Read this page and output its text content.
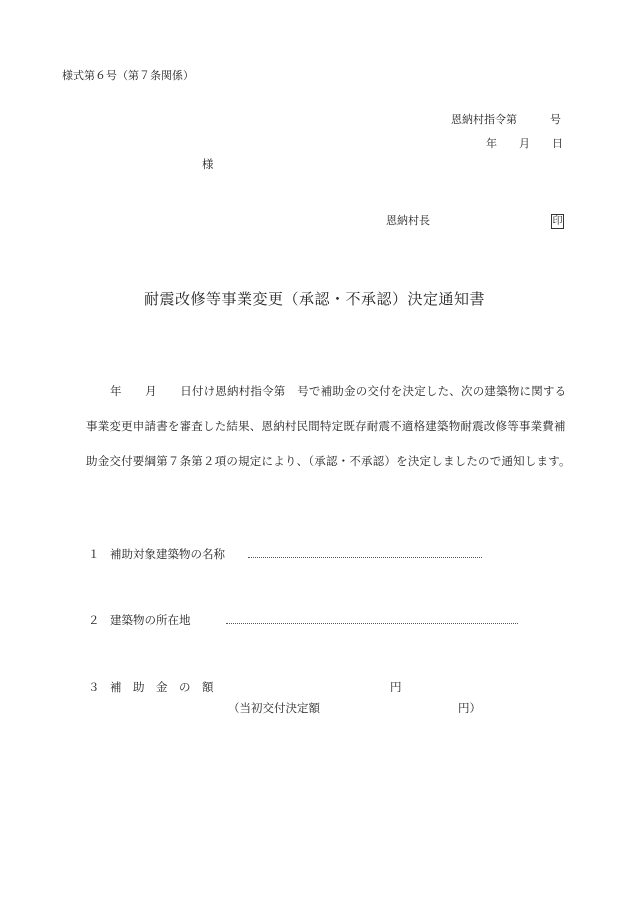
様式第６号（第７条関係）
恩納村指令第　　　号
年　　月　　日
様
恩納村長	印
耐震改修等事業変更（承認・不承認）決定通知書
年　　月　　日付け恩納村指令第　号で補助金の交付を決定した、次の建築物に関する
事業変更申請書を審査した結果、恩納村民間特定既存耐震不適格建築物耐震改修等事業費補
助金交付要綱第７条第２項の規定により、（承認・不承認）を決定しましたので通知します。
１ 補助対象建築物の名称
２ 建築物の所在地
３ 補　助　金　の　額	円
（当初交付決定額	円）
